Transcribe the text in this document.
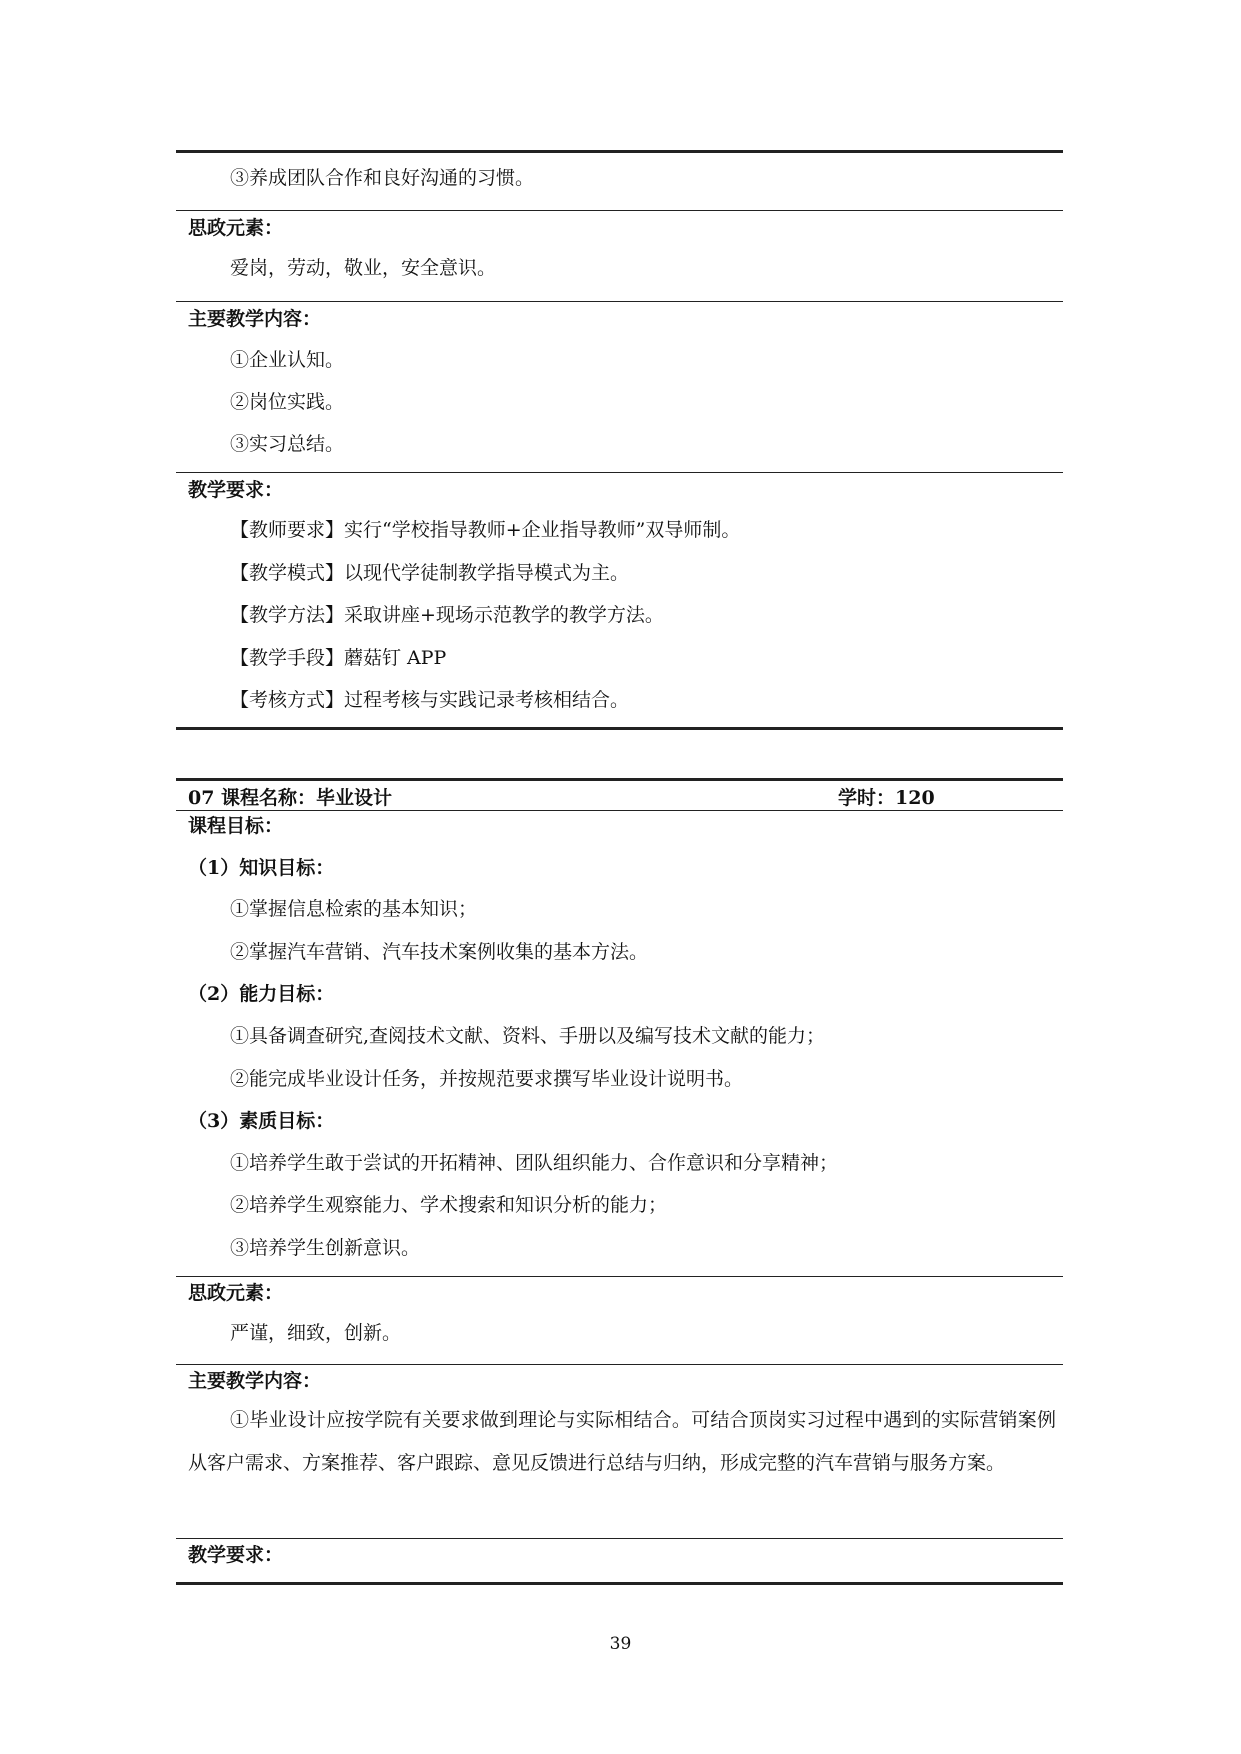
③养成团队合作和良好沟通的习惯。
思政元素：
爱岗，劳动，敬业，安全意识。
主要教学内容：
①企业认知。
②岗位实践。
③实习总结。
教学要求：
【教师要求】实行“学校指导教师+企业指导教师”双导师制。
【教学模式】以现代学徒制教学指导模式为主。
【教学方法】采取讲座+现场示范教学的教学方法。
【教学手段】蘑菇钉 APP
【考核方式】过程考核与实践记录考核相结合。
07 课程名称：毕业设计	学时：120
课程目标：
（1）知识目标：
①掌握信息检索的基本知识；
②掌握汽车营销、汽车技术案例收集的基本方法。
（2）能力目标：
①具备调查研究,查阅技术文献、资料、手册以及编写技术文献的能力；
②能完成毕业设计任务，并按规范要求撰写毕业设计说明书。
（3）素质目标：
①培养学生敢于尝试的开拓精神、团队组织能力、合作意识和分享精神；
②培养学生观察能力、学术搜索和知识分析的能力；
③培养学生创新意识。
思政元素：
严谨，细致，创新。
主要教学内容：
①毕业设计应按学院有关要求做到理论与实际相结合。可结合顶岗实习过程中遇到的实际营销案例从客户需求、方案推荐、客户跟踪、意见反馈进行总结与归纳，形成完整的汽车营销与服务方案。
教学要求：
39
